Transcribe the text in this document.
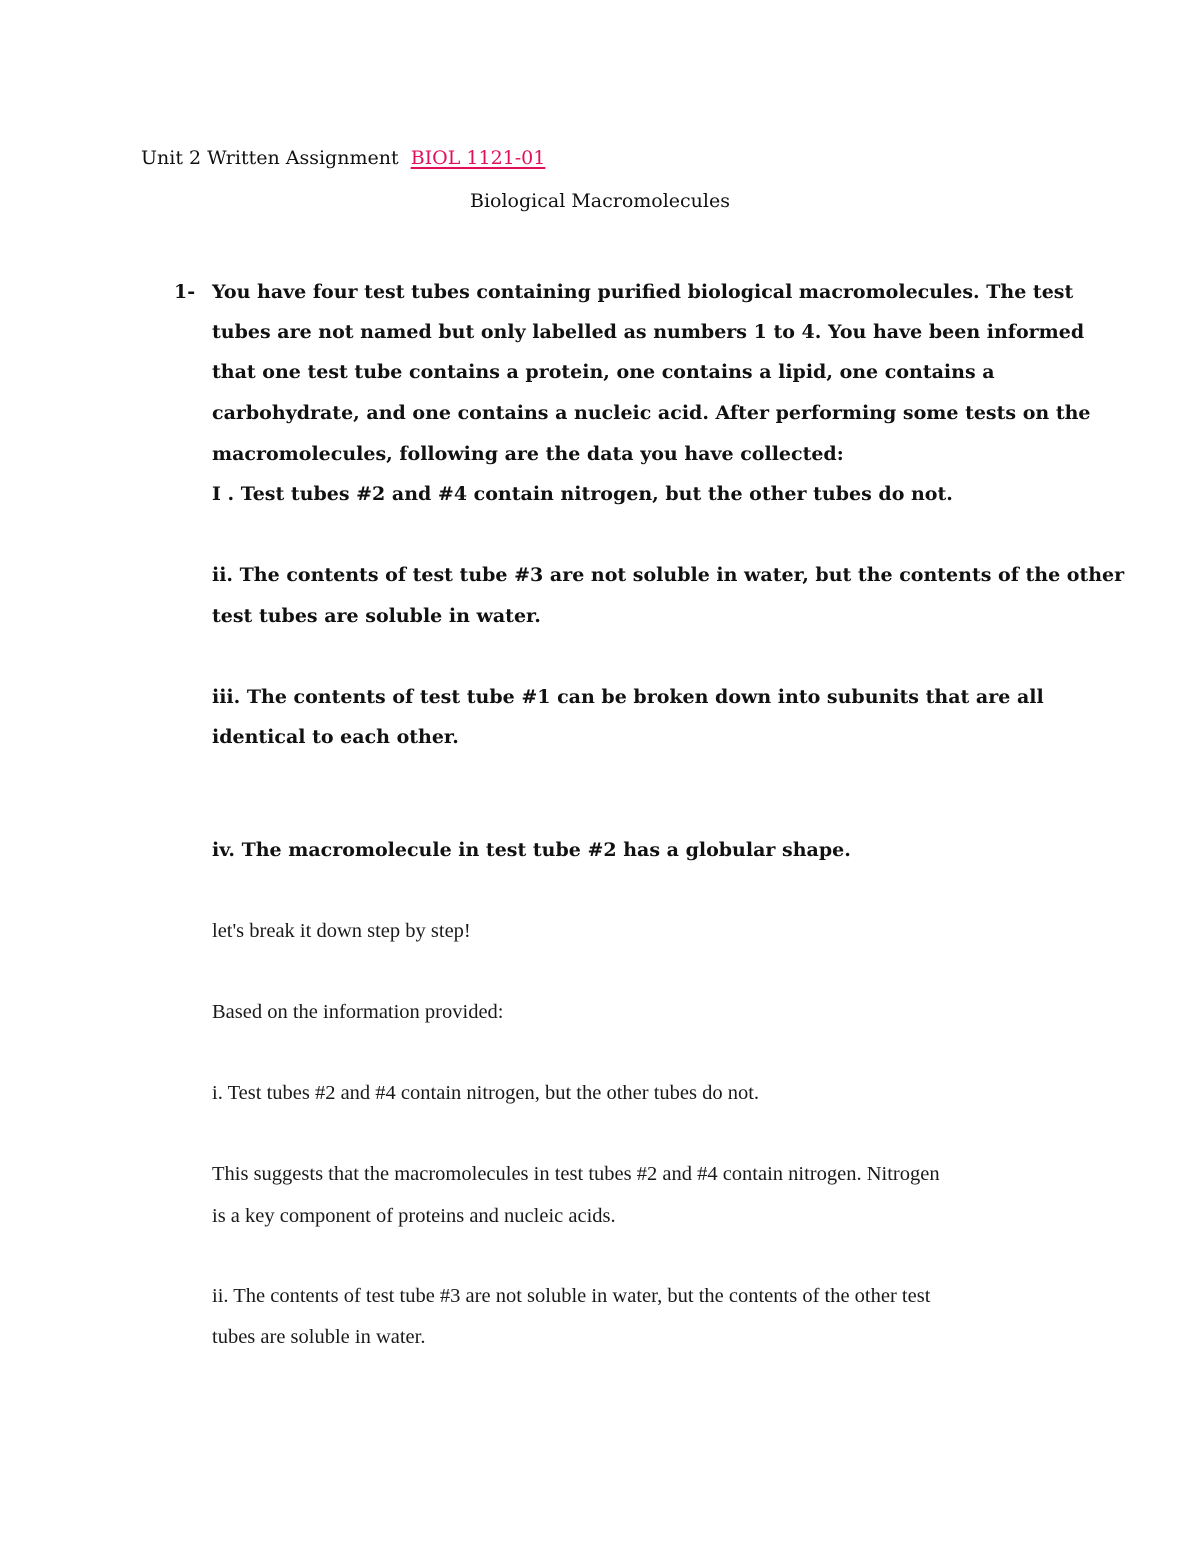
Unit 2 Written Assignment BIOL 1121-01
Biological Macromolecules
1- You have four test tubes containing purified biological macromolecules. The test
tubes are not named but only labelled as numbers 1 to 4. You have been informed
that one test tube contains a protein, one contains a lipid, one contains a
carbohydrate, and one contains a nucleic acid. After performing some tests on the
macromolecules, following are the data you have collected:
I . Test tubes #2 and #4 contain nitrogen, but the other tubes do not.
ii. The contents of test tube #3 are not soluble in water, but the contents of the other
test tubes are soluble in water.
iii. The contents of test tube #1 can be broken down into subunits that are all
identical to each other.
iv. The macromolecule in test tube #2 has a globular shape.
let's break it down step by step!
Based on the information provided:
i. Test tubes #2 and #4 contain nitrogen, but the other tubes do not.
This suggests that the macromolecules in test tubes #2 and #4 contain nitrogen. Nitrogen
is a key component of proteins and nucleic acids.
ii. The contents of test tube #3 are not soluble in water, but the contents of the other test
tubes are soluble in water.
